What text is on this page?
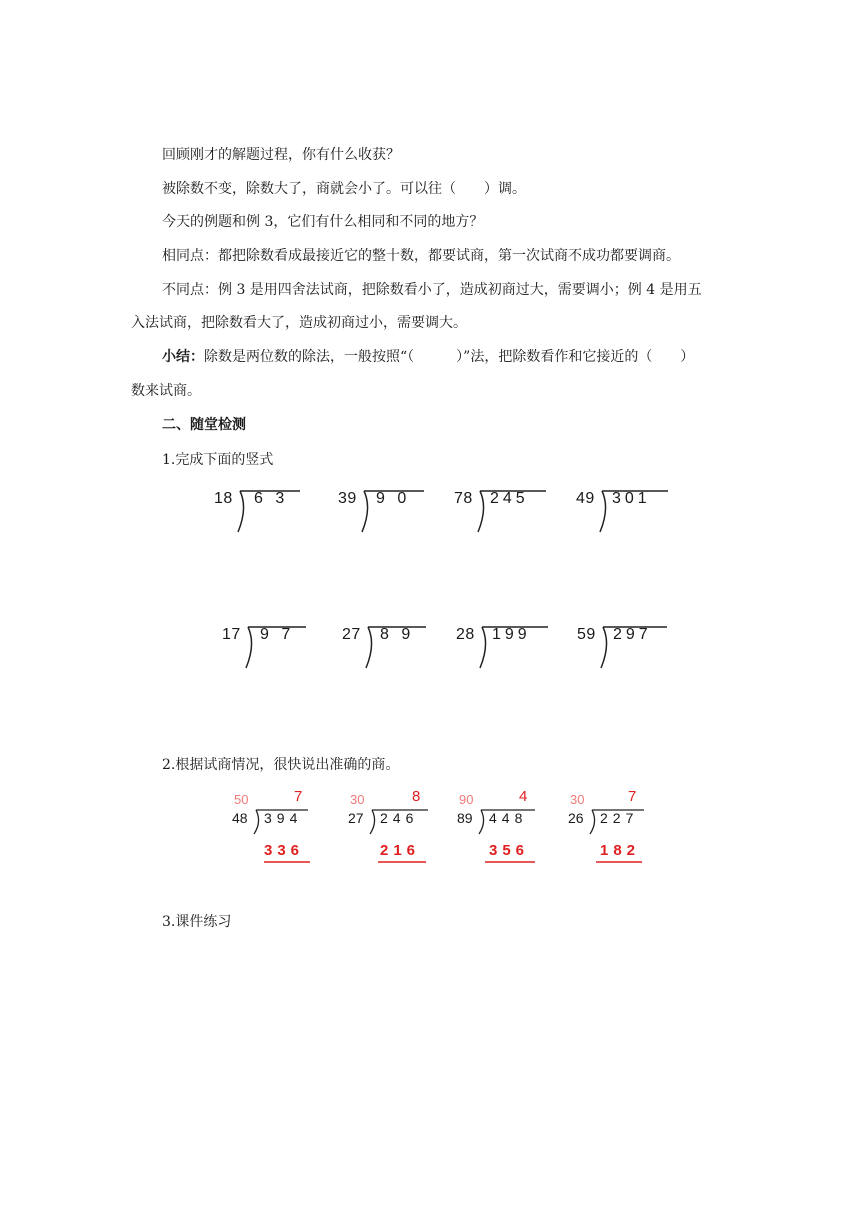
回顾刚才的解题过程，你有什么收获？
被除数不变，除数大了，商就会小了。可以往（　　）调。
今天的例题和例 3，它们有什么相同和不同的地方？
相同点：都把除数看成最接近它的整十数，都要试商，第一次试商不成功都要调商。
不同点：例 3 是用四舍法试商，把除数看小了，造成初商过大，需要调小；例 4 是用五
入法试商，把除数看大了，造成初商过小，需要调大。
小结：除数是两位数的除法，一般按照“（　　　）”法，把除数看作和它接近的（　　）
数来试商。
二、随堂检测
1.完成下面的竖式
18 6 3	39 9 0	78 245	49 301
17 9 7	27 8 9	28 199	59 297
2.根据试商情况，很快说出准确的商。
50	7
48 394
336
30	8
27 246
216
90	4
89 448
356
30	7
26 227
182
3.课件练习
